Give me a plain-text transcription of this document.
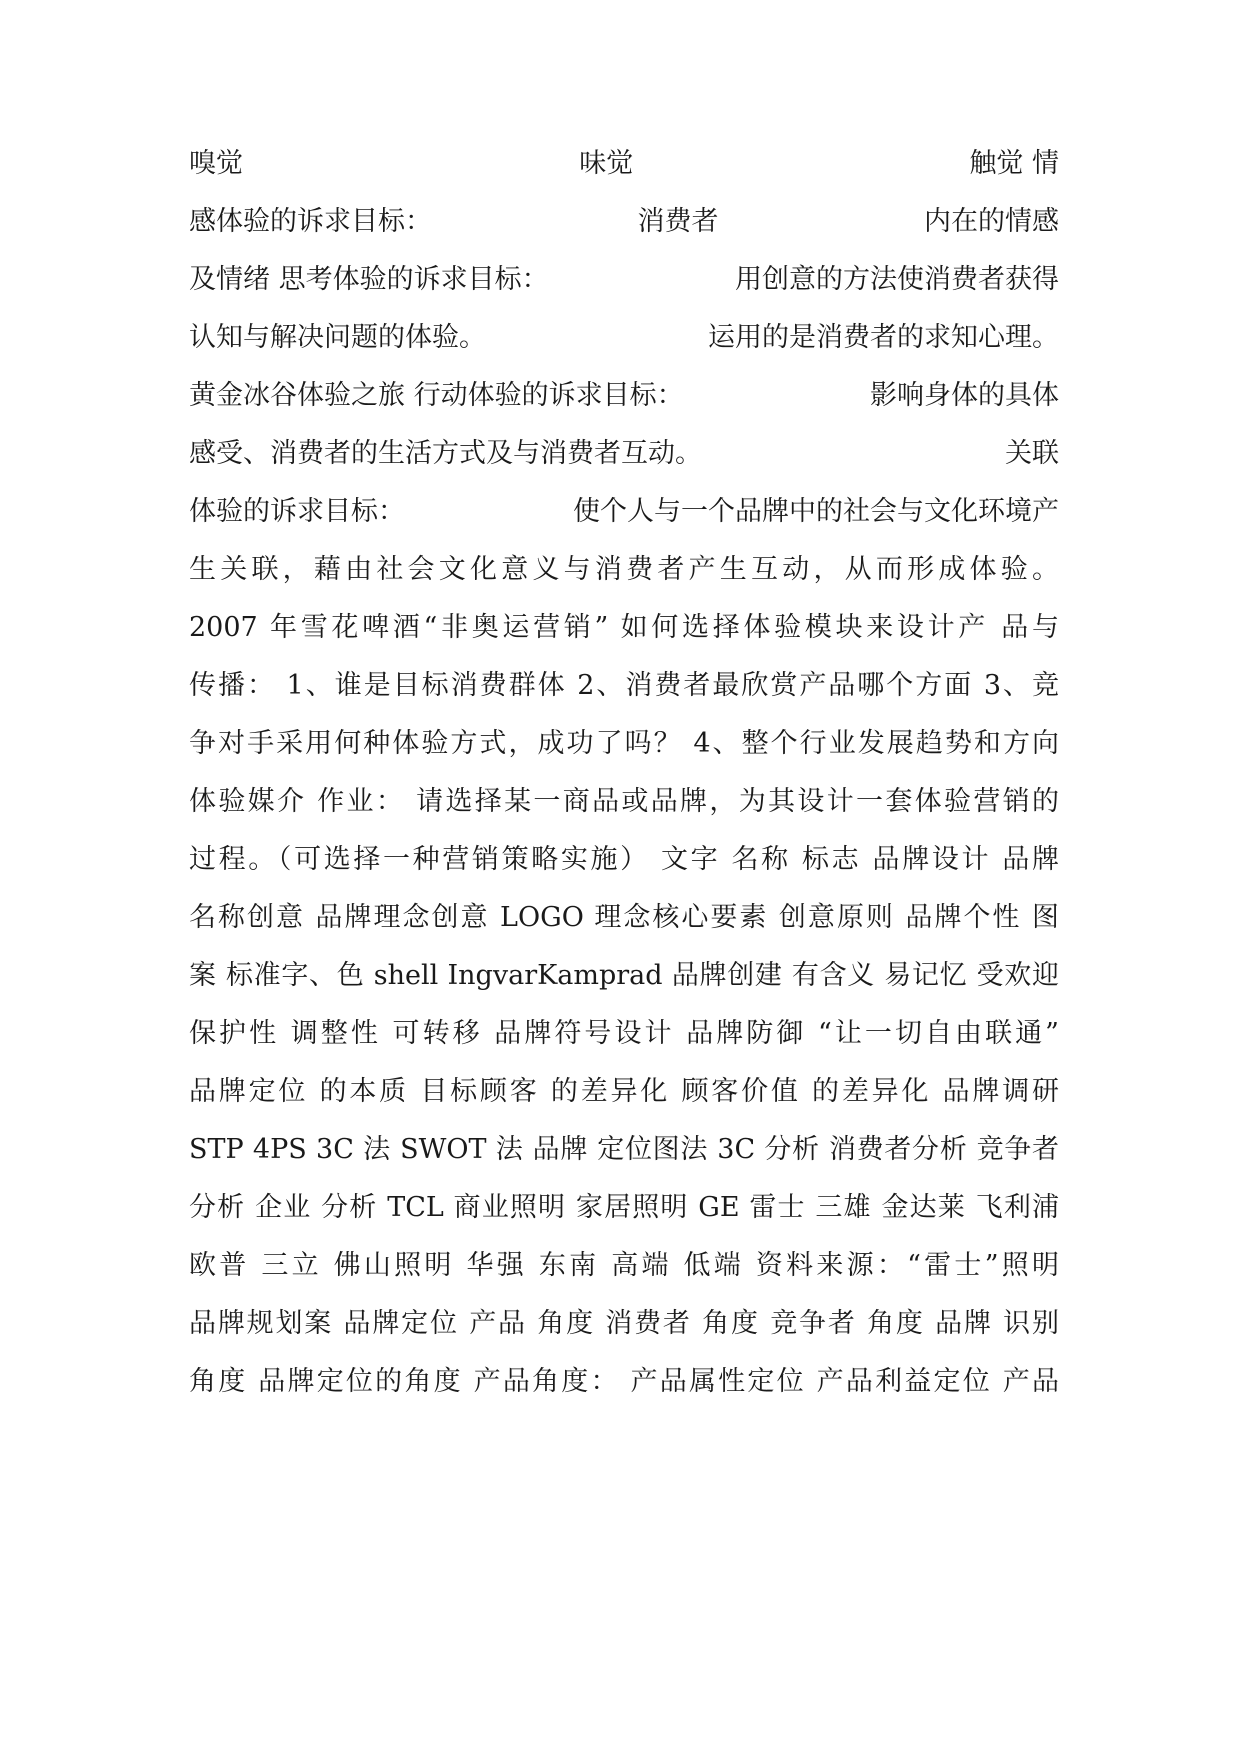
嗅觉	味觉	触觉 情
感体验的诉求目标：	消费者	内在的情感
及情绪 思考体验的诉求目标：	用创意的方法使消费者获得
认知与解决问题的体验。	运用的是消费者的求知心理。
黄金冰谷体验之旅 行动体验的诉求目标：	影响身体的具体
感受、消费者的生活方式及与消费者互动。	关联
体验的诉求目标：	使个人与一个品牌中的社会与文化环境产
生关联，藉由社会文化意义与消费者产生互动，从而形成体验。
2007 年雪花啤酒“非奥运营销” 如何选择体验模块来设计产 品与
传播： 1、谁是目标消费群体 2、消费者最欣赏产品哪个方面 3、竞
争对手采用何种体验方式，成功了吗？ 4、整个行业发展趋势和方向
体验媒介 作业： 请选择某一商品或品牌，为其设计一套体验营销的
过程。（可选择一种营销策略实施） 文字 名称 标志 品牌设计 品牌
名称创意 品牌理念创意 LOGO 理念核心要素 创意原则 品牌个性 图
案 标准字、色 shell IngvarKamprad 品牌创建 有含义 易记忆 受欢迎
保护性 调整性 可转移 品牌符号设计 品牌防御 “让一切自由联通”
品牌定位 的本质 目标顾客 的差异化 顾客价值 的差异化 品牌调研
STP 4PS 3C 法 SWOT 法 品牌 定位图法 3C 分析 消费者分析 竞争者
分析 企业 分析 TCL 商业照明 家居照明 GE 雷士 三雄 金达莱 飞利浦
欧普 三立 佛山照明 华强 东南 高端 低端 资料来源：“雷士”照明
品牌规划案 品牌定位 产品 角度 消费者 角度 竞争者 角度 品牌 识别
角度 品牌定位的角度 产品角度： 产品属性定位 产品利益定位 产品
